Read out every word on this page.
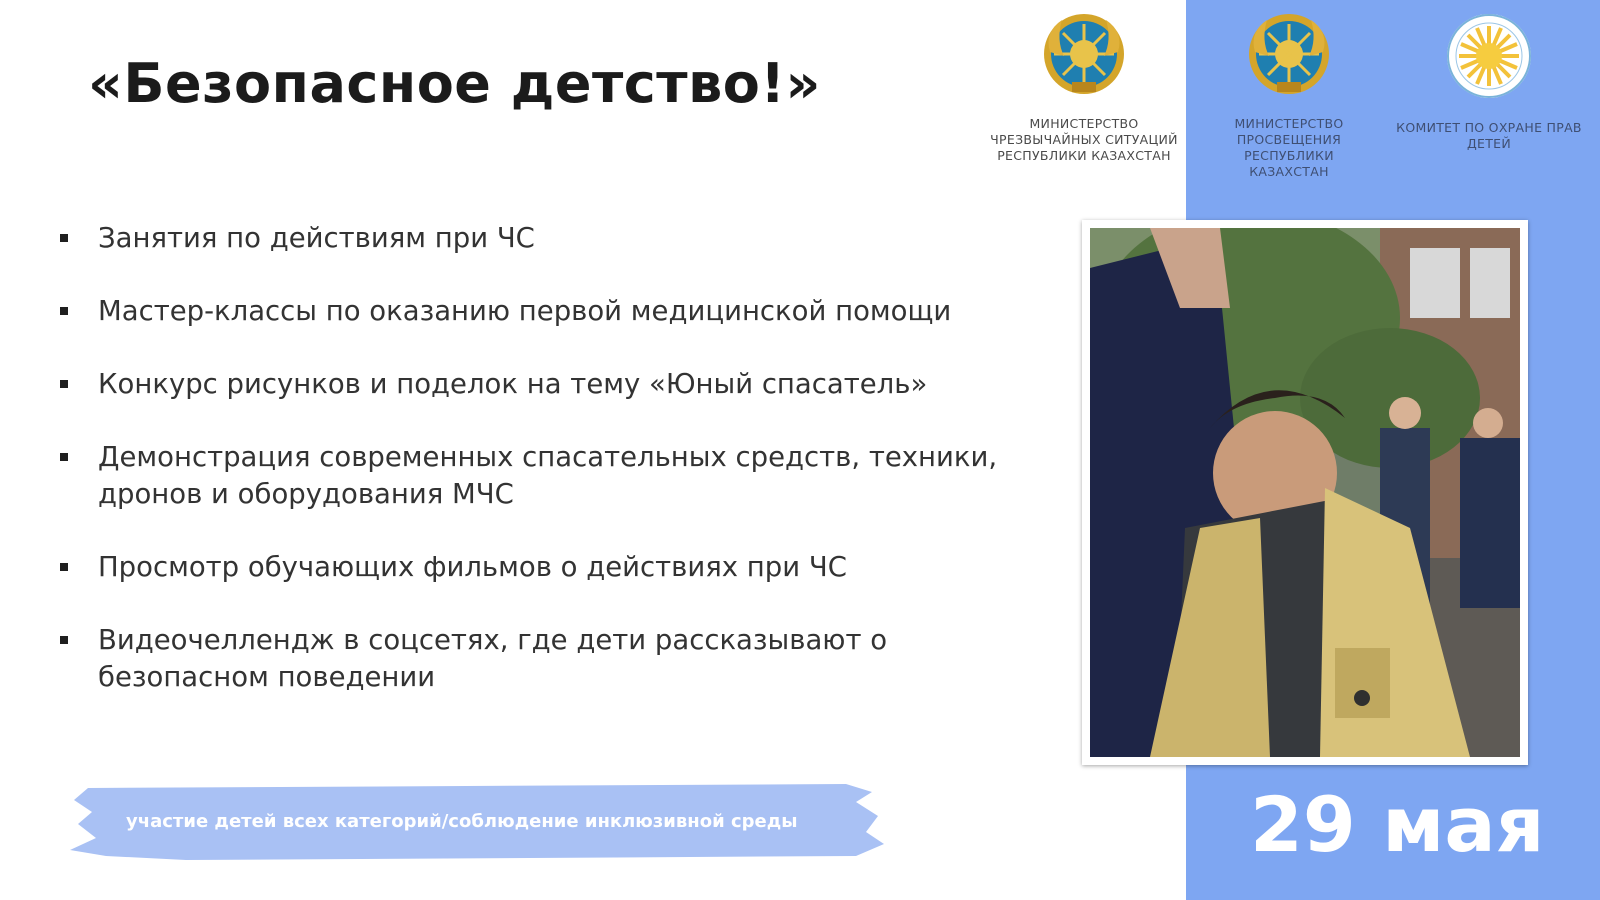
«Безопасное детство!»
МИНИСТЕРСТВО ЧРЕЗВЫЧАЙНЫХ СИТУАЦИЙ РЕСПУБЛИКИ КАЗАХСТАН
МИНИСТЕРСТВО ПРОСВЕЩЕНИЯ РЕСПУБЛИКИ КАЗАХСТАН
КОМИТЕТ ПО ОХРАНЕ ПРАВ ДЕТЕЙ
Занятия по действиям при ЧС
Мастер-классы по оказанию первой медицинской помощи
Конкурс рисунков и поделок на тему «Юный спасатель»
Демонстрация современных спасательных средств, техники, дронов и оборудования МЧС
Просмотр обучающих фильмов о действиях при ЧС
Видеочеллендж в соцсетях, где дети рассказывают о безопасном поведении
участие детей всех категорий/соблюдение инклюзивной среды	29 мая
